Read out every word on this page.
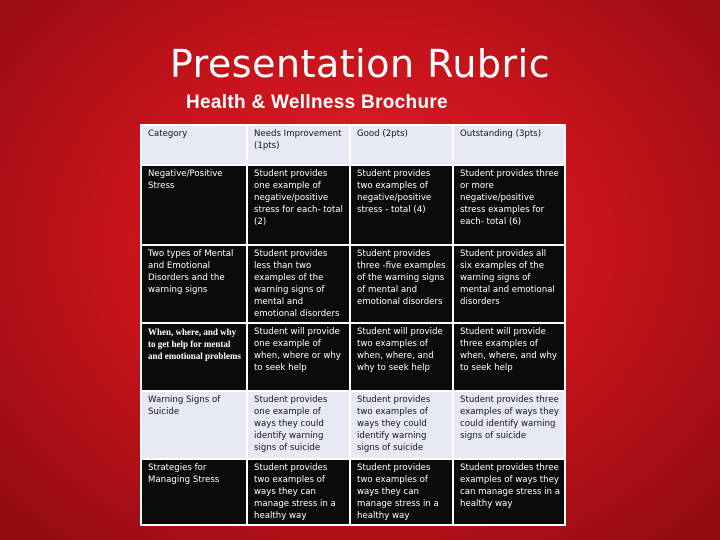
Presentation Rubric
Health & Wellness Brochure
Category	Needs Improvement (1pts)	Good (2pts)	Outstanding (3pts)
Negative/Positive Stress	Student provides one example of negative/positive stress for each- total (2)	Student provides two examples of negative/positive stress - total (4)	Student provides three or more negative/positive stress examples for each- total (6)
Two types of Mental and Emotional Disorders and the warning signs	Student provides less than two examples of the warning signs of mental and emotional disorders	Student provides three -five examples of the warning signs of mental and emotional disorders	Student provides all six examples of the warning signs of mental and emotional disorders
When, where, and why to get help for mental and emotional problems	Student will provide one example of when, where or why to seek help	Student will provide two examples of when, where, and why to seek help	Student will provide three examples of when, where, and why to seek help
Warning Signs of Suicide	Student provides one example of ways they could identify warning signs of suicide	Student provides two examples of ways they could identify warning signs of suicide	Student provides three examples of ways they could identify warning signs of suicide
Strategies for Managing Stress	Student provides two examples of ways they can manage stress in a healthy way	Student provides two examples of ways they can manage stress in a healthy way	Student provides three examples of ways they can manage stress in a healthy way
